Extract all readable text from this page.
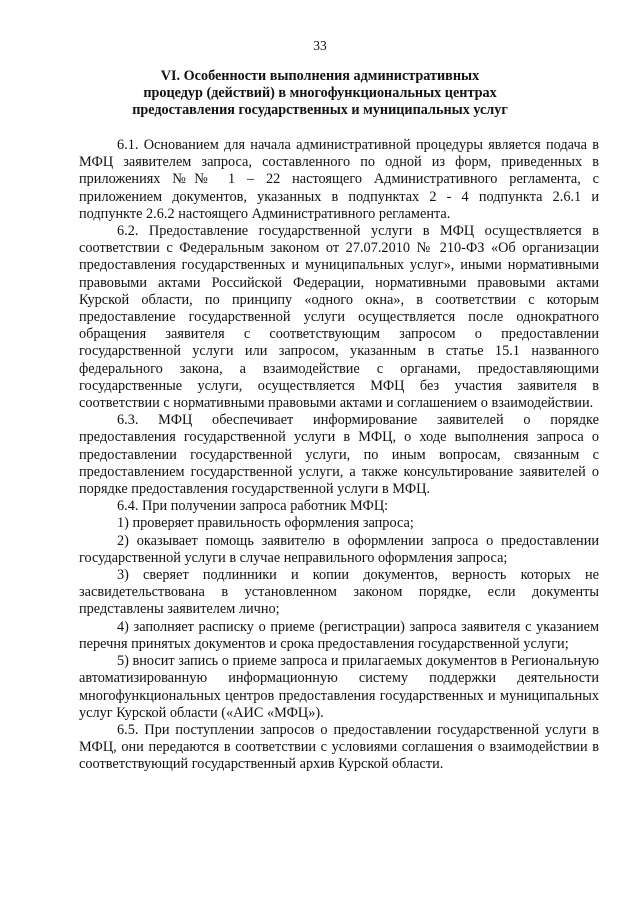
33
VI. Особенности выполнения административных
процедур (действий) в многофункциональных центрах
предоставления государственных и муниципальных услуг

6.1. Основанием для начала административной процедуры является подача в МФЦ заявителем запроса, составленного по одной из форм, приведенных в приложениях №№ 1 – 22 настоящего Административного регламента, с приложением документов, указанных в подпунктах 2 - 4 подпункта 2.6.1 и подпункте 2.6.2 настоящего Административного регламента.

6.2. Предоставление государственной услуги в МФЦ осуществляется в соответствии с Федеральным законом от 27.07.2010 № 210-ФЗ «Об организации предоставления государственных и муниципальных услуг», иными нормативными правовыми актами Российской Федерации, нормативными правовыми актами Курской области, по принципу «одного окна», в соответствии с которым предоставление государственной услуги осуществляется после однократного обращения заявителя с соответствующим запросом о предоставлении государственной услуги или запросом, указанным в статье 15.1 названного федерального закона, а взаимодействие с органами, предоставляющими государственные услуги, осуществляется МФЦ без участия заявителя в соответствии с нормативными правовыми актами и соглашением о взаимодействии.

6.3. МФЦ обеспечивает информирование заявителей о порядке предоставления государственной услуги в МФЦ, о ходе выполнения запроса о предоставлении государственной услуги, по иным вопросам, связанным с предоставлением государственной услуги, а также консультирование заявителей о порядке предоставления государственной услуги в МФЦ.

6.4. При получении запроса работник МФЦ:

1) проверяет правильность оформления запроса;

2) оказывает помощь заявителю в оформлении запроса о предоставлении государственной услуги в случае неправильного оформления запроса;

3) сверяет подлинники и копии документов, верность которых не засвидетельствована в установленном законом порядке, если документы представлены заявителем лично;

4) заполняет расписку о приеме (регистрации) запроса заявителя с указанием перечня принятых документов и срока предоставления государственной услуги;

5) вносит запись о приеме запроса и прилагаемых документов в Региональную автоматизированную информационную систему поддержки деятельности многофункциональных центров предоставления государственных и муниципальных услуг Курской области («АИС «МФЦ»).

6.5. При поступлении запросов о предоставлении государственной услуги в МФЦ, они передаются в соответствии с условиями соглашения о взаимодействии в соответствующий государственный архив Курской области.
